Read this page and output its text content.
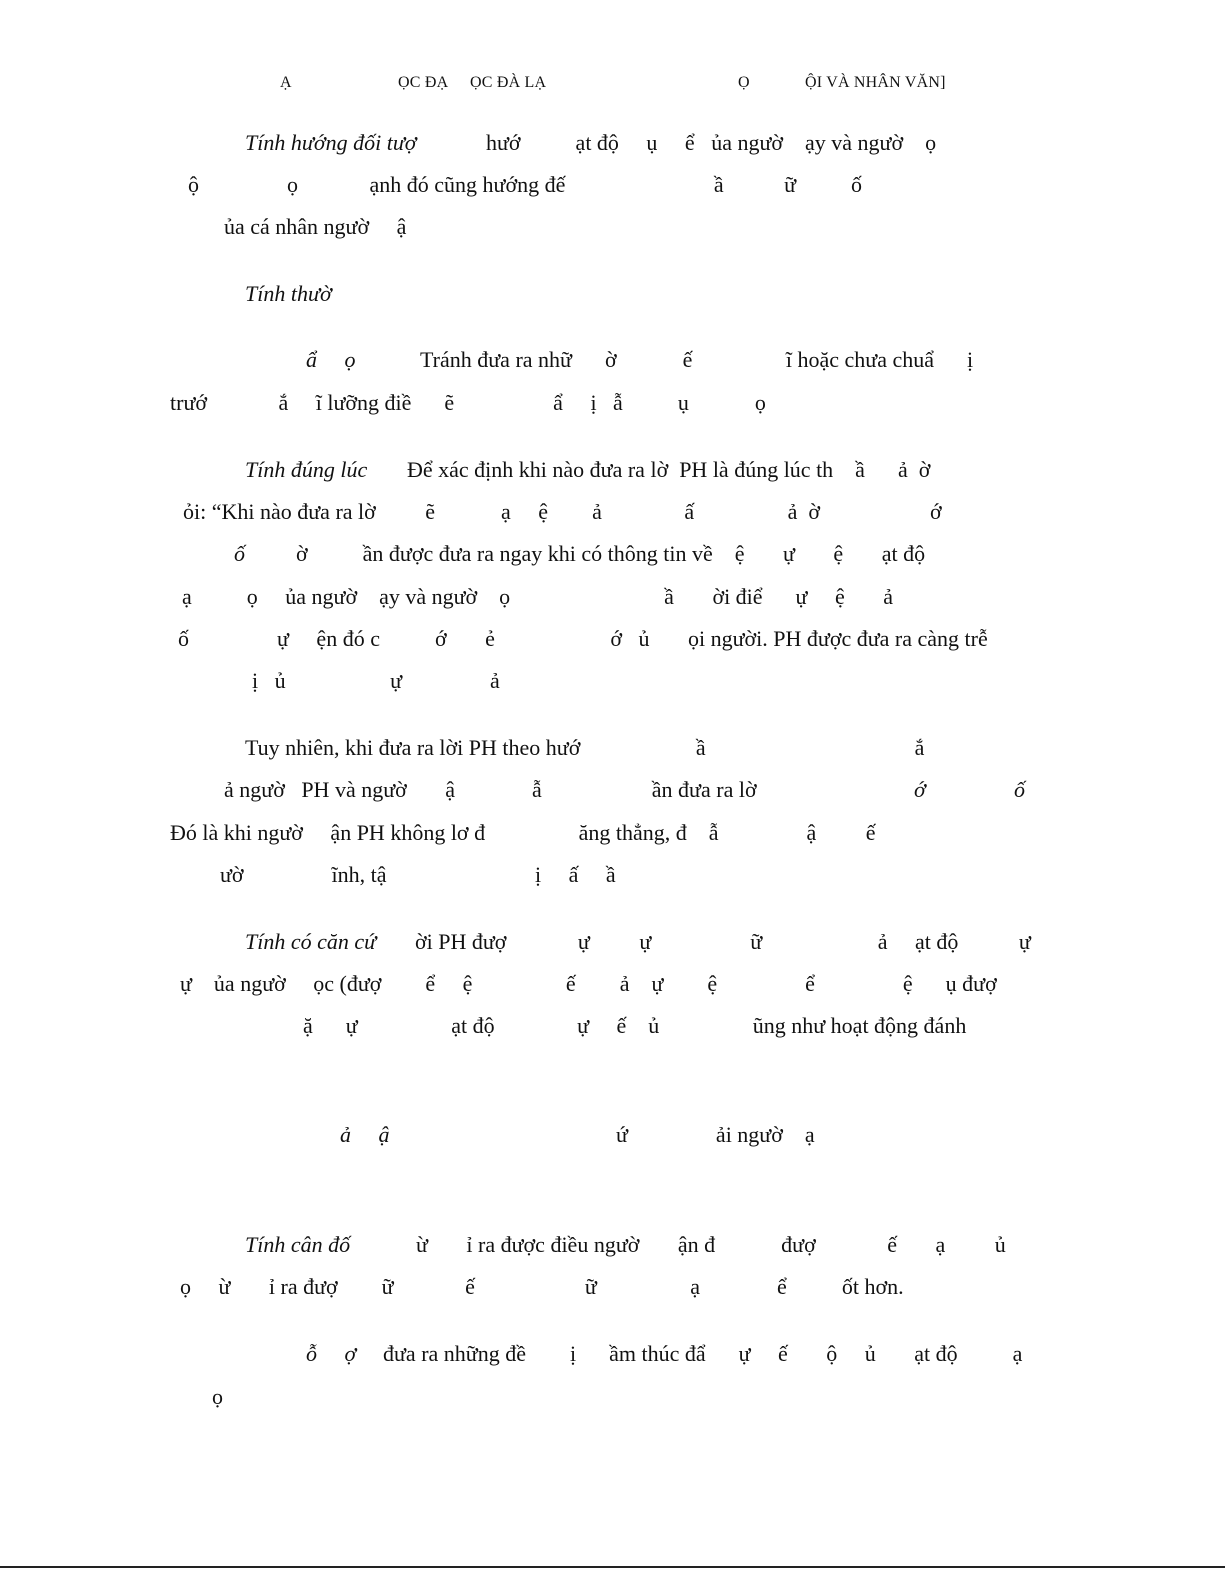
Ạ	ỌC ĐẠ ỌC ĐÀ LẠ	Ọ	ỘI VÀ NHÂN VĂN]
Tính hướng đối tượ	hướ          ạt độ     ụ     ể   ủa ngườ    ạy và ngườ    ọ
ộ                ọ             ạnh đó cũng hướng đế                           ầ           ữ          ố
ủa cá nhân ngườ     ậ
Tính thườ
ẩ     ọ	Tránh đưa ra nhữ      ờ            ế                 ĩ hoặc chưa chuẩ      ị
trướ             ắ     ĩ lưỡng điề      ẽ                  ẩ     ị   ẫ          ụ            ọ
Tính đúng lúc Để xác định khi nào đưa ra lờ  PH là đúng lúc th    ầ      ả  ờ
ỏi: “Khi nào đưa ra lờ         ẽ            ạ     ệ        ả               ấ                 ả  ờ                    ớ
ố ờ          ần được đưa ra ngay khi có thông tin về    ệ       ự       ệ       ạt độ
ạ          ọ     ủa ngườ    ạy và ngườ    ọ                            ầ       ời điể      ự     ệ       ả
ố                ự     ện đó c          ớ       ẻ                     ớ   ủ       ọi người. PH được đưa ra càng trễ
ị   ủ                   ự                ả
Tuy nhiên, khi đưa ra lời PH theo hướ                     ầ                                      ắ
ả ngườ   PH và ngườ       ậ              ẫ                    ần đưa ra lờ	ớ	ố
Đó là khi ngườ     ận PH không lơ đ                 ăng thẳng, đ    ẫ                ậ         ế
ườ                ĩnh, tậ                           ị     ấ     ầ
Tính có căn cứ ời PH đượ             ự         ự                  ữ                     ả     ạt độ           ự
ự    ủa ngườ     ọc (đượ        ể     ệ                 ế        ả    ự        ệ                ể                ệ      ụ đượ
ặ      ự                 ạt độ               ự     ế    ủ                 ũng như hoạt động đánh
ả     ậ	ứ                ải ngườ    ạ
Tính cân đố	ừ       ỉ ra được điều ngườ       ận đ            đượ             ế       ạ         ủ
ọ     ừ       ỉ ra đượ        ữ             ế                    ữ                 ạ              ể          ốt hơn.
ỗ     ợ đưa ra những đề        ị      ầm thúc đẩ      ự     ế       ộ     ủ       ạt độ          ạ
ọ
